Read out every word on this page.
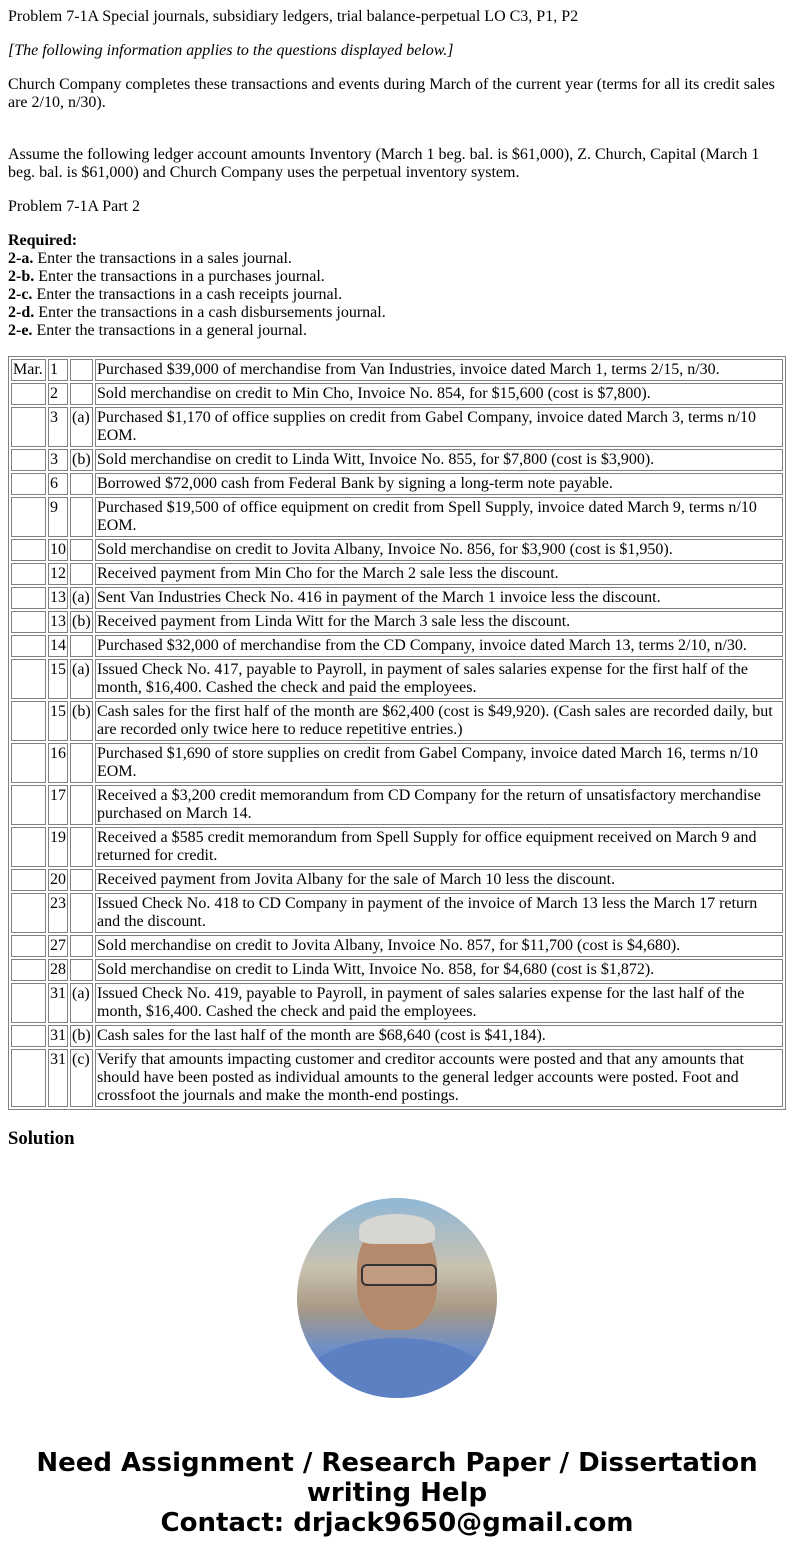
Problem 7-1A Special journals, subsidiary ledgers, trial balance-perpetual LO C3, P1, P2

[The following information applies to the questions displayed below.]

Church Company completes these transactions and events during March of the current year (terms for all its credit sales are 2/10, n/30).

Assume the following ledger account amounts Inventory (March 1 beg. bal. is $61,000), Z. Church, Capital (March 1 beg. bal. is $61,000) and Church Company uses the perpetual inventory system.

Problem 7-1A Part 2

Required:
2-a. Enter the transactions in a sales journal.
2-b. Enter the transactions in a purchases journal.
2-c. Enter the transactions in a cash receipts journal.
2-d. Enter the transactions in a cash disbursements journal.
2-e. Enter the transactions in a general journal.

Mar.	1		Purchased $39,000 of merchandise from Van Industries, invoice dated March 1, terms 2/15, n/30.
	2		Sold merchandise on credit to Min Cho, Invoice No. 854, for $15,600 (cost is $7,800).
	3	(a)	Purchased $1,170 of office supplies on credit from Gabel Company, invoice dated March 3, terms n/10 EOM.
	3	(b)	Sold merchandise on credit to Linda Witt, Invoice No. 855, for $7,800 (cost is $3,900).
	6		Borrowed $72,000 cash from Federal Bank by signing a long-term note payable.
	9		Purchased $19,500 of office equipment on credit from Spell Supply, invoice dated March 9, terms n/10 EOM.
	10		Sold merchandise on credit to Jovita Albany, Invoice No. 856, for $3,900 (cost is $1,950).
	12		Received payment from Min Cho for the March 2 sale less the discount.
	13	(a)	Sent Van Industries Check No. 416 in payment of the March 1 invoice less the discount.
	13	(b)	Received payment from Linda Witt for the March 3 sale less the discount.
	14		Purchased $32,000 of merchandise from the CD Company, invoice dated March 13, terms 2/10, n/30.
	15	(a)	Issued Check No. 417, payable to Payroll, in payment of sales salaries expense for the first half of the month, $16,400. Cashed the check and paid the employees.
	15	(b)	Cash sales for the first half of the month are $62,400 (cost is $49,920). (Cash sales are recorded daily, but are recorded only twice here to reduce repetitive entries.)
	16		Purchased $1,690 of store supplies on credit from Gabel Company, invoice dated March 16, terms n/10 EOM.
	17		Received a $3,200 credit memorandum from CD Company for the return of unsatisfactory merchandise purchased on March 14.
	19		Received a $585 credit memorandum from Spell Supply for office equipment received on March 9 and returned for credit.
	20		Received payment from Jovita Albany for the sale of March 10 less the discount.
	23		Issued Check No. 418 to CD Company in payment of the invoice of March 13 less the March 17 return and the discount.
	27		Sold merchandise on credit to Jovita Albany, Invoice No. 857, for $11,700 (cost is $4,680).
	28		Sold merchandise on credit to Linda Witt, Invoice No. 858, for $4,680 (cost is $1,872).
	31	(a)	Issued Check No. 419, payable to Payroll, in payment of sales salaries expense for the last half of the month, $16,400. Cashed the check and paid the employees.
	31	(b)	Cash sales for the last half of the month are $68,640 (cost is $41,184).
	31	(c)	Verify that amounts impacting customer and creditor accounts were posted and that any amounts that should have been posted as individual amounts to the general ledger accounts were posted. Foot and crossfoot the journals and make the month-end postings.
Solution
Need Assignment / Research Paper / Dissertation writing Help
Contact: drjack9650@gmail.com
